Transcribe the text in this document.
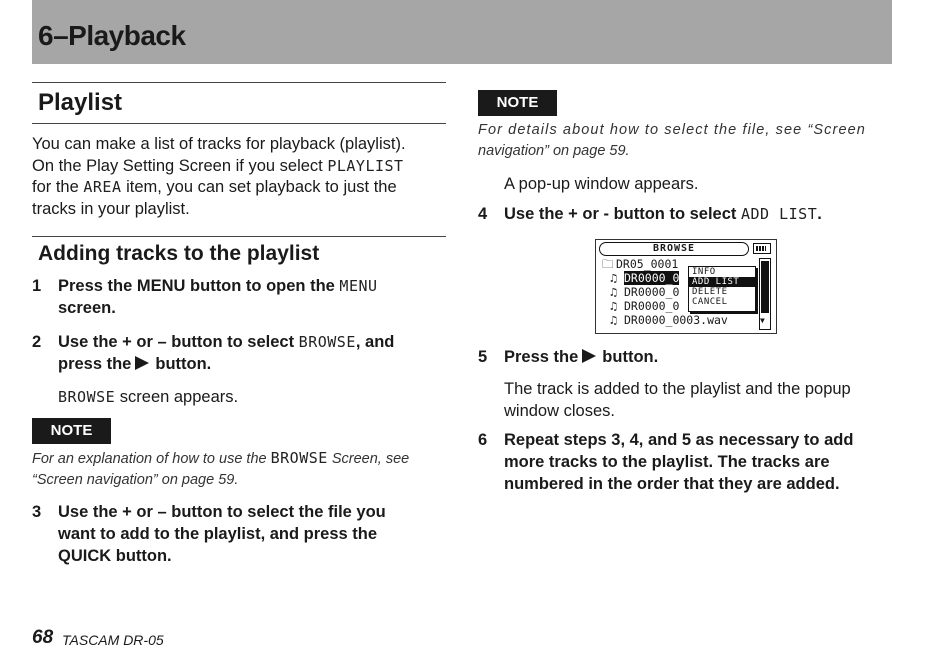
6–Playback
Playlist
You can make a list of tracks for playback (playlist).
On the Play Setting Screen if you select PLAYLIST
for the AREA item, you can set playback to just the
tracks in your playlist.
Adding tracks to the playlist
1 Press the MENU button to open the MENU
screen.
2 Use the + or – button to select BROWSE, and
press the button.
BROWSE screen appears.
NOTE
For an explanation of how to use the BROWSE Screen, see
“Screen navigation” on page 59.
3 Use the + or – button to select the file you
want to add to the playlist, and press the
QUICK button.
NOTE
For details about how to select the file, see “Screen
navigation” on page 59.
A pop-up window appears.
4 Use the + or - button to select ADD LIST.
BROWSE
🗀 DR05_0001
♫ DR0000_0
♫ DR0000_0
♫ DR0000_0
♫ DR0000_0003.wav
INFO
ADD LIST
DELETE
CANCEL
▼
5 Press the button.
The track is added to the playlist and the popup
window closes.
6 Repeat steps 3, 4, and 5 as necessary to add
more tracks to the playlist. The tracks are
numbered in the order that they are added.
68 TASCAM DR-05
